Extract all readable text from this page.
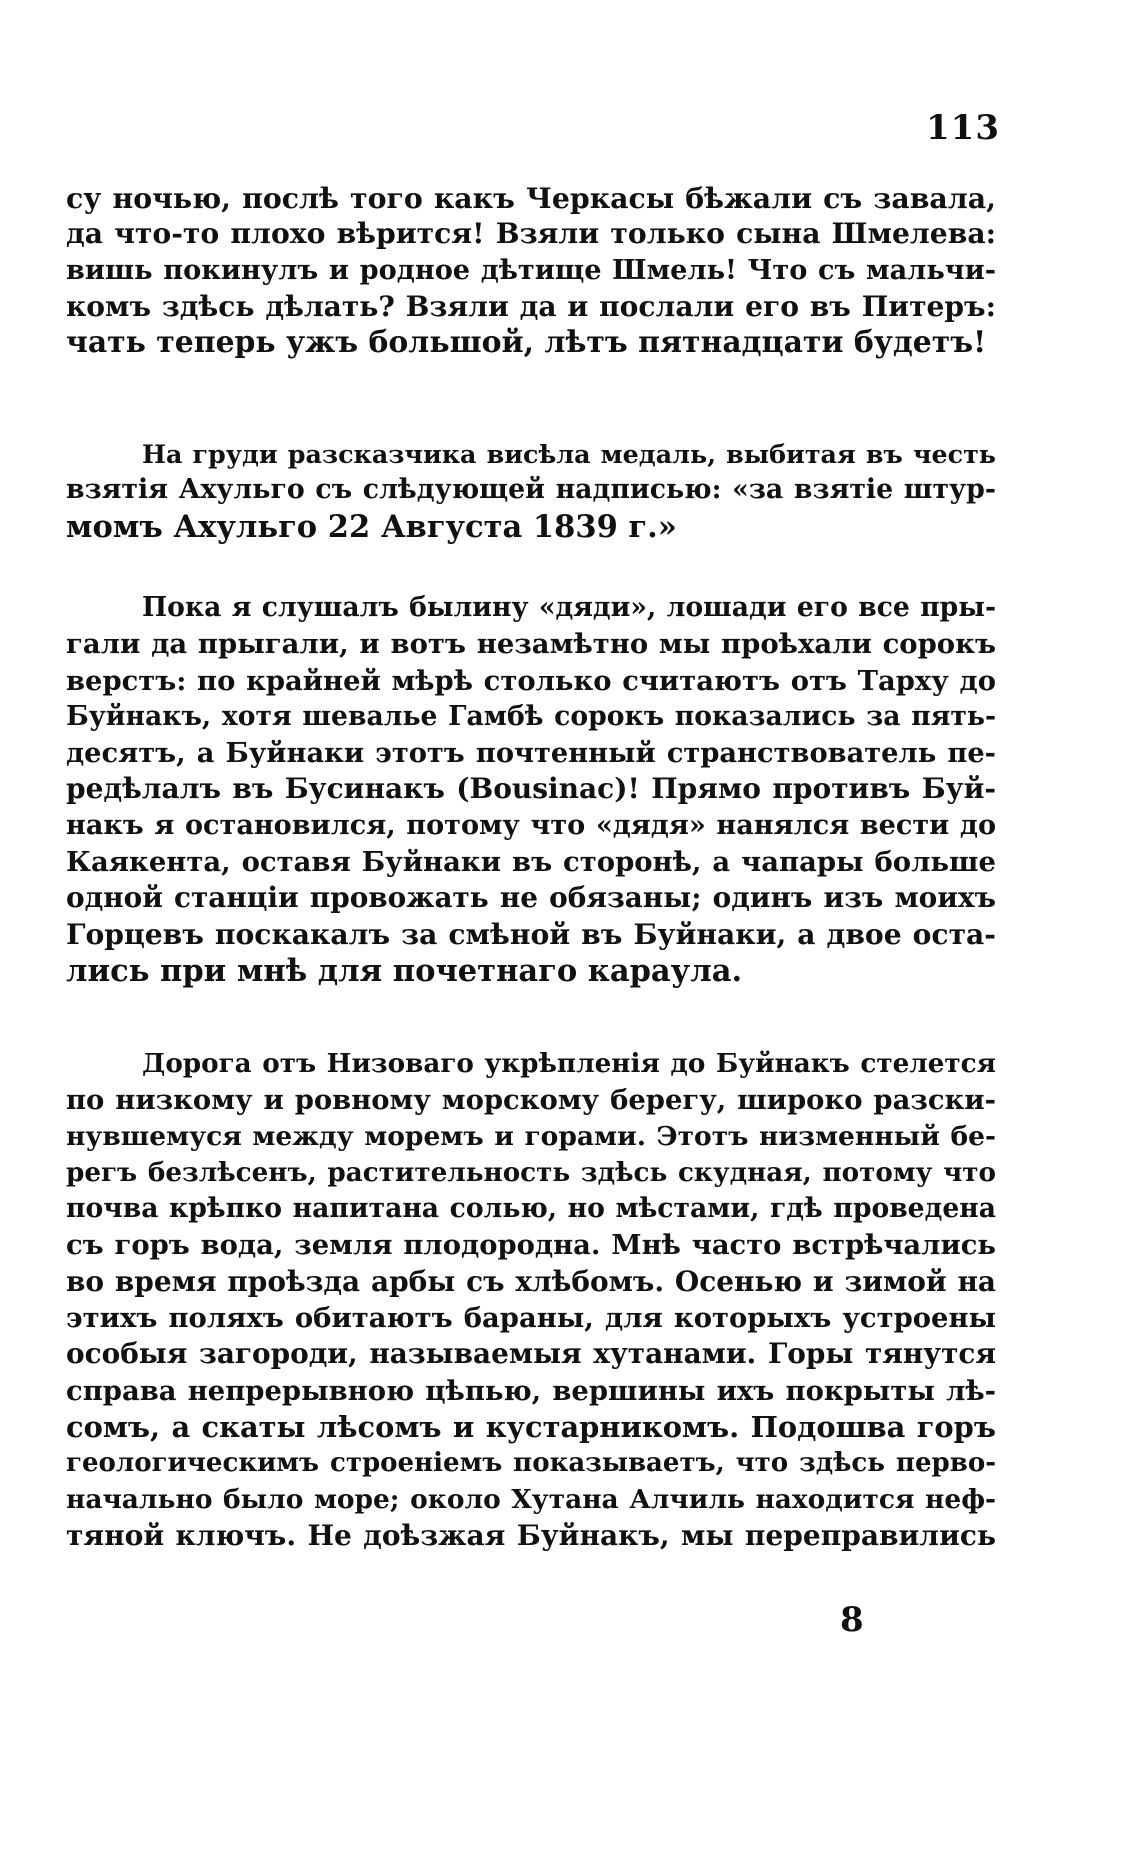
113
су ночью, послѣ того какъ Черкасы бѣжали съ завала,
да что-то плохо вѣрится! Взяли только сына Шмелева:
вишь покинулъ и родное дѣтище Шмель! Что съ мальчи-
комъ здѣсь дѣлать? Взяли да и послали его въ Питеръ:
чать теперь ужъ большой, лѣтъ пятнадцати будетъ!
На груди разсказчика висѣла медаль, выбитая въ честь
взятія Ахульго съ слѣдующей надписью: «за взятіе штур-
момъ Ахульго 22 Августа 1839 г.»
Пока я слушалъ былину «дяди», лошади его все пры-
гали да прыгали, и вотъ незамѣтно мы проѣхали сорокъ
верстъ: по крайней мѣрѣ столько считаютъ отъ Тарху до
Буйнакъ, хотя шевалье Гамбѣ сорокъ показались за пять-
десятъ, а Буйнаки этотъ почтенный странствователь пе-
редѣлалъ въ Бусинакъ (Bousinac)! Прямо противъ Буй-
накъ я остановился, потому что «дядя» нанялся вести до
Каякента, оставя Буйнаки въ сторонѣ, а чапары больше
одной станціи провожать не обязаны; одинъ изъ моихъ
Горцевъ поскакалъ за смѣной въ Буйнаки, а двое оста-
лись при мнѣ для почетнаго караула.
Дорога отъ Низоваго укрѣпленія до Буйнакъ стелется
по низкому и ровному морскому берегу, широко разски-
нувшемуся между моремъ и горами. Этотъ низменный бе-
регъ безлѣсенъ, растительность здѣсь скудная, потому что
почва крѣпко напитана солью, но мѣстами, гдѣ проведена
съ горъ вода, земля плодородна. Мнѣ часто встрѣчались
во время проѣзда арбы съ хлѣбомъ. Осенью и зимой на
этихъ поляхъ обитаютъ бараны, для которыхъ устроены
особыя загороди, называемыя хутанами. Горы тянутся
справа непрерывною цѣпью, вершины ихъ покрыты лѣ-
сомъ, а скаты лѣсомъ и кустарникомъ. Подошва горъ
геологическимъ строеніемъ показываетъ, что здѣсь перво-
начально было море; около Хутана Алчиль находится неф-
тяной ключъ. Не доѣзжая Буйнакъ, мы переправились
8
